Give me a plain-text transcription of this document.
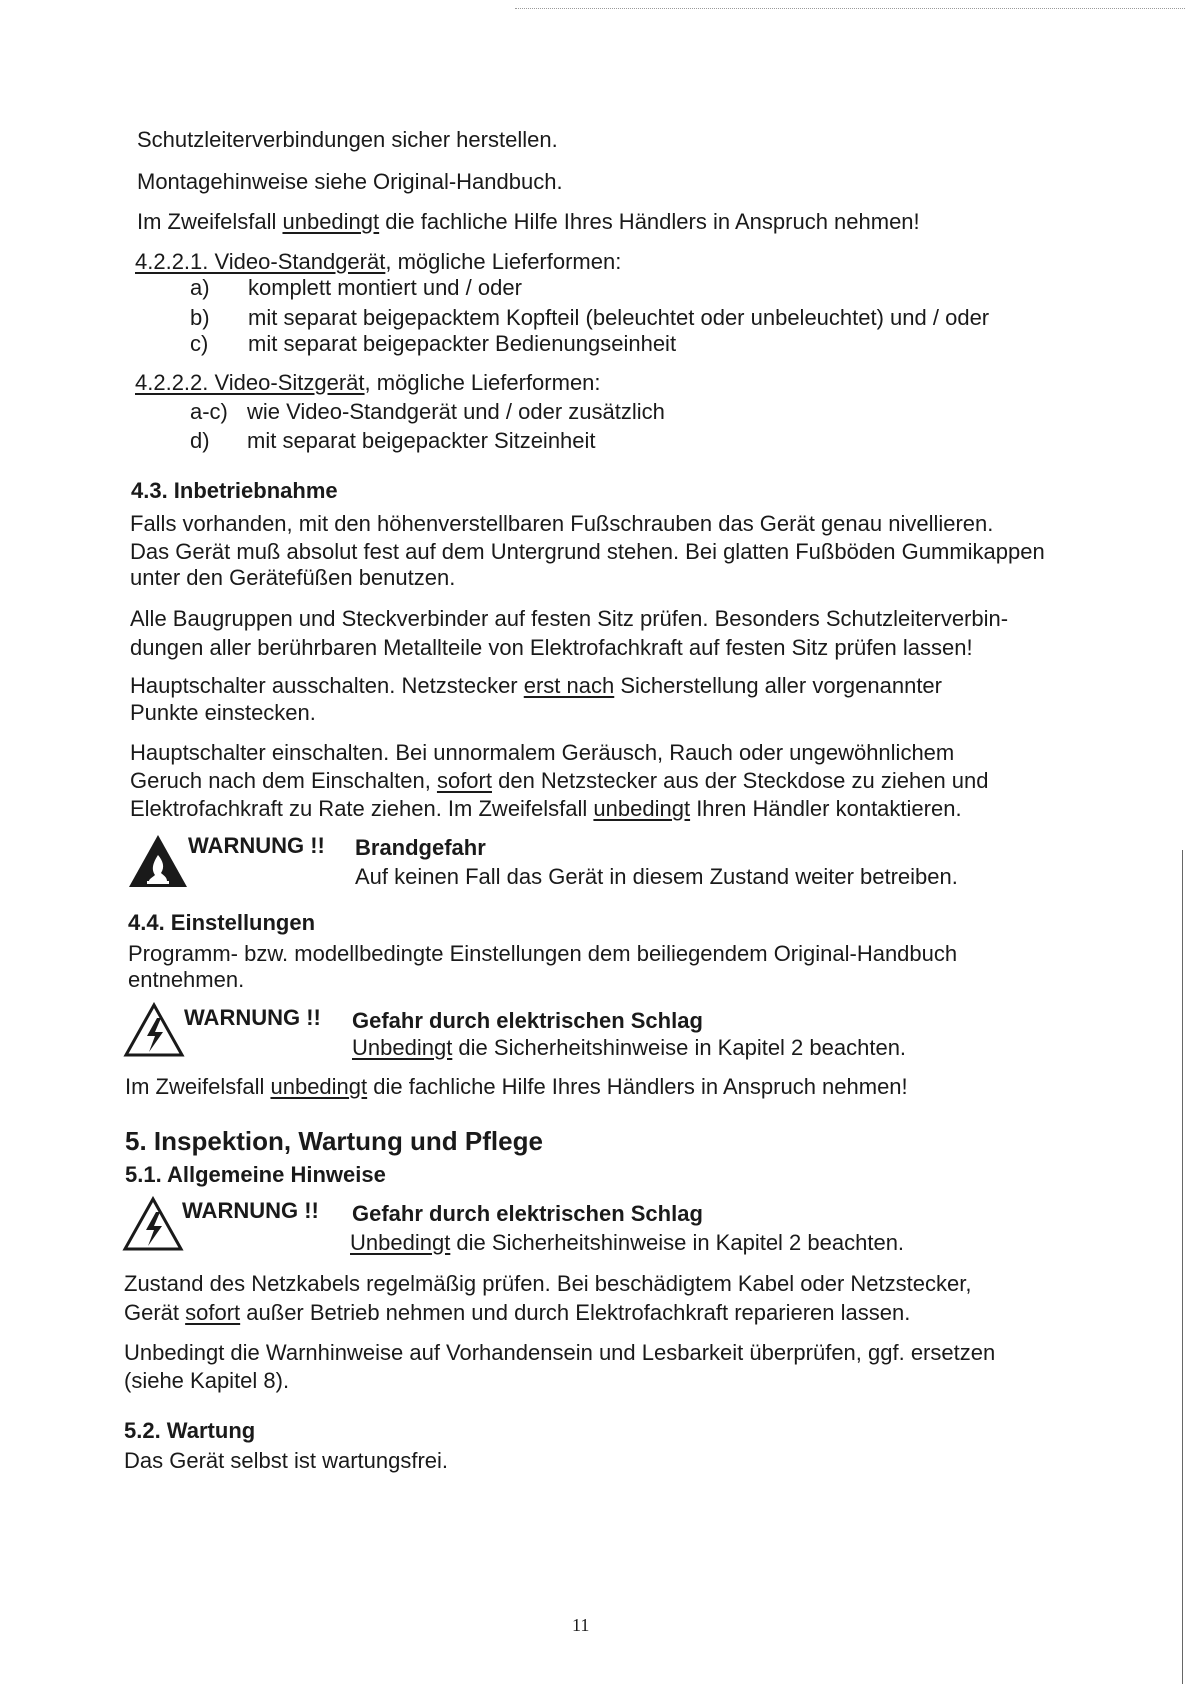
Schutzleiterverbindungen sicher herstellen.
Montagehinweise siehe Original-Handbuch.
Im Zweifelsfall unbedingt die fachliche Hilfe Ihres Händlers in Anspruch nehmen!
4.2.2.1. Video-Standgerät, mögliche Lieferformen:
a) komplett montiert und / oder
b) mit separat beigepacktem Kopfteil (beleuchtet oder unbeleuchtet) und / oder
c) mit separat beigepackter Bedienungseinheit
4.2.2.2. Video-Sitzgerät, mögliche Lieferformen:
a-c) wie Video-Standgerät und / oder zusätzlich
d) mit separat beigepackter Sitzeinheit
4.3. Inbetriebnahme
Falls vorhanden, mit den höhenverstellbaren Fußschrauben das Gerät genau nivellieren.
Das Gerät muß absolut fest auf dem Untergrund stehen. Bei glatten Fußböden Gummikappen
unter den Gerätefüßen benutzen.
Alle Baugruppen und Steckverbinder auf festen Sitz prüfen. Besonders Schutzleiterverbin-
dungen aller berührbaren Metallteile von Elektrofachkraft auf festen Sitz prüfen lassen!
Hauptschalter ausschalten. Netzstecker erst nach Sicherstellung aller vorgenannter
Punkte einstecken.
Hauptschalter einschalten. Bei unnormalem Geräusch, Rauch oder ungewöhnlichem
Geruch nach dem Einschalten, sofort den Netzstecker aus der Steckdose zu ziehen und
Elektrofachkraft zu Rate ziehen. Im Zweifelsfall unbedingt Ihren Händler kontaktieren.
WARNUNG !! Brandgefahr
Auf keinen Fall das Gerät in diesem Zustand weiter betreiben.
4.4. Einstellungen
Programm- bzw. modellbedingte Einstellungen dem beiliegendem Original-Handbuch
entnehmen.
WARNUNG !! Gefahr durch elektrischen Schlag
Unbedingt die Sicherheitshinweise in Kapitel 2 beachten.
Im Zweifelsfall unbedingt die fachliche Hilfe Ihres Händlers in Anspruch nehmen!
5. Inspektion, Wartung und Pflege
5.1. Allgemeine Hinweise
WARNUNG !! Gefahr durch elektrischen Schlag
Unbedingt die Sicherheitshinweise in Kapitel 2 beachten.
Zustand des Netzkabels regelmäßig prüfen. Bei beschädigtem Kabel oder Netzstecker,
Gerät sofort außer Betrieb nehmen und durch Elektrofachkraft reparieren lassen.
Unbedingt die Warnhinweise auf Vorhandensein und Lesbarkeit überprüfen, ggf. ersetzen
(siehe Kapitel 8).
5.2. Wartung
Das Gerät selbst ist wartungsfrei.
11
